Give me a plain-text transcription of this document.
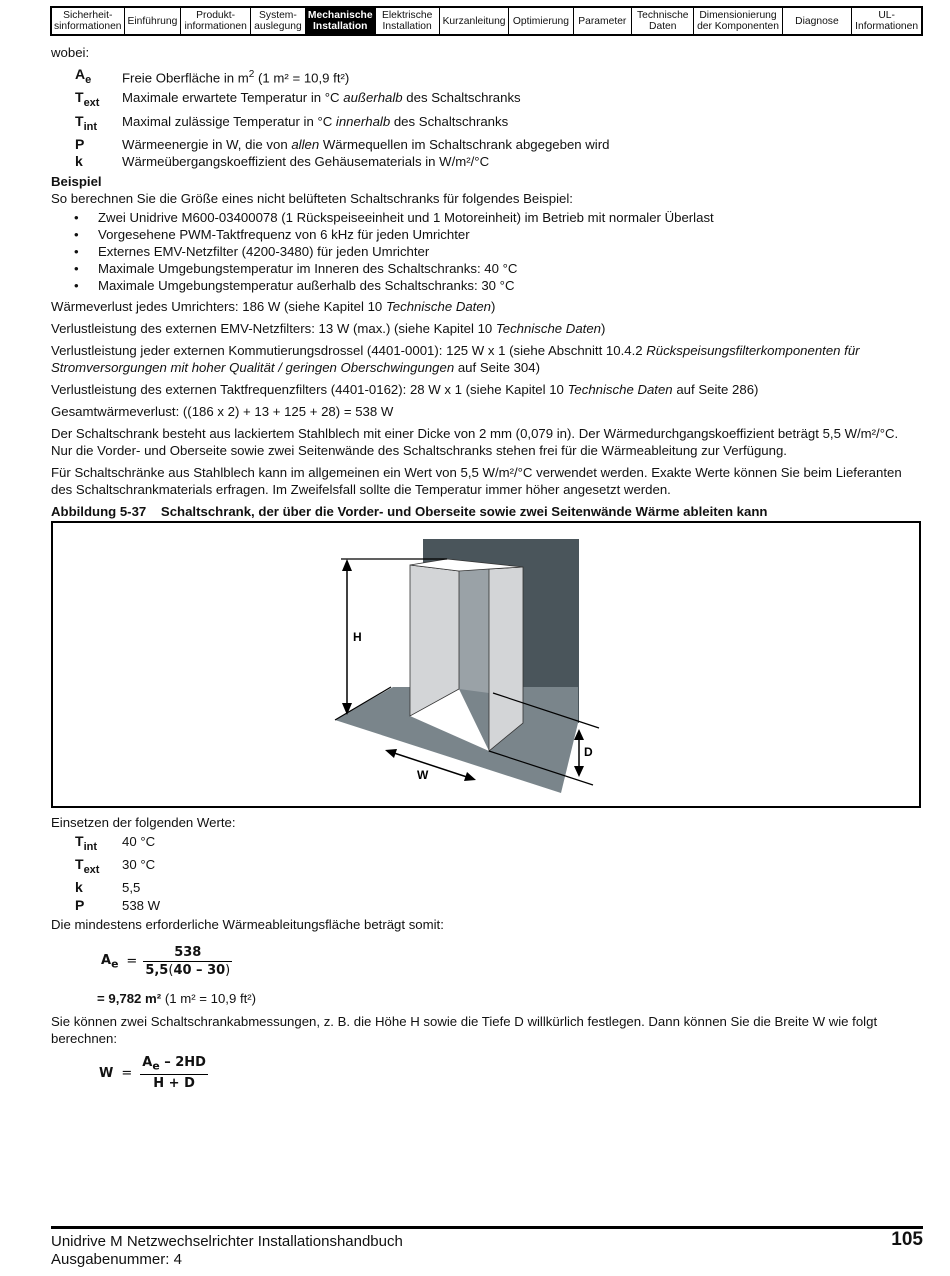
Sicherheit-
sinformationen Einführung	Produkt-
informationen
System-
auslegung
Mechanische
Installation
Elektrische
Installation	Kurzanleitung Optimierung Parameter	Technische
Daten
Dimensionierung
der Komponenten	Diagnose	UL-
Informationen

wobei:

$A_e$	Freie Oberfläche in $m^2$ (1 m² = 10,9 ft²)
$T_{ext}$	Maximale erwartete Temperatur in °C außerhalb des Schaltschranks
$T_{int}$	Maximal zulässige Temperatur in °C innerhalb des Schaltschranks
P	Wärmeenergie in W, die von allen Wärmequellen im Schaltschrank abgegeben wird
k	Wärmeübergangskoeffizient des Gehäusematerials in W/m²/°C

Beispiel

So berechnen Sie die Größe eines nicht belüfteten Schaltschranks für folgendes Beispiel:

• Zwei Unidrive M600-03400078 (1 Rückspeiseeinheit und 1 Motoreinheit) im Betrieb mit normaler Überlast
• Vorgesehene PWM-Taktfrequenz von 6 kHz für jeden Umrichter
• Externes EMV-Netzfilter (4200-3480) für jeden Umrichter
• Maximale Umgebungstemperatur im Inneren des Schaltschranks: 40 °C
• Maximale Umgebungstemperatur außerhalb des Schaltschranks: 30 °C

Wärmeverlust jedes Umrichters: 186 W (siehe Kapitel 10 Technische Daten)

Verlustleistung des externen EMV-Netzfilters: 13 W (max.) (siehe Kapitel 10 Technische Daten)

Verlustleistung jeder externen Kommutierungsdrossel (4401-0001): 125 W x 1 (siehe Abschnitt 10.4.2 Rückspeisungsfilterkomponenten für Stromversorgungen mit hoher Qualität / geringen Oberschwingungen auf Seite 304)

Verlustleistung des externen Taktfrequenzfilters (4401-0162): 28 W x 1 (siehe Kapitel 10 Technische Daten auf Seite 286)

Gesamtwärmeverlust: ((186 x 2) + 13 + 125 + 28) = 538 W

Der Schaltschrank besteht aus lackiertem Stahlblech mit einer Dicke von 2 mm (0,079 in). Der Wärmedurchgangskoeffizient beträgt 5,5 W/m²/°C. Nur die Vorder- und Oberseite sowie zwei Seitenwände des Schaltschranks stehen frei für die Wärmeableitung zur Verfügung.

Für Schaltschränke aus Stahlblech kann im allgemeinen ein Wert von 5,5 W/m²/°C verwendet werden. Exakte Werte können Sie beim Lieferanten des Schaltschrankmaterials erfragen. Im Zweifelsfall sollte die Temperatur immer höher angesetzt werden.

Abbildung 5-37 Schaltschrank, der über die Vorder- und Oberseite sowie zwei Seitenwände Wärme ableiten kann
H
W
D

Einsetzen der folgenden Werte:

$T_{int}$	40 °C
$T_{ext}$	30 °C
k	5,5
P	538 W

Die mindestens erforderliche Wärmeableitungsfläche beträgt somit:

$A_e = \frac{538}{5,5(40 - 30)}$

= 9,782 m² (1 m² = 10,9 ft²)

Sie können zwei Schaltschrankabmessungen, z. B. die Höhe H sowie die Tiefe D willkürlich festlegen. Dann können Sie die Breite W wie folgt berechnen:

$W = \frac{A_e - 2HD}{H + D}$
Unidrive M Netzwechselrichter Installationshandbuch
Ausgabenummer: 4
105
